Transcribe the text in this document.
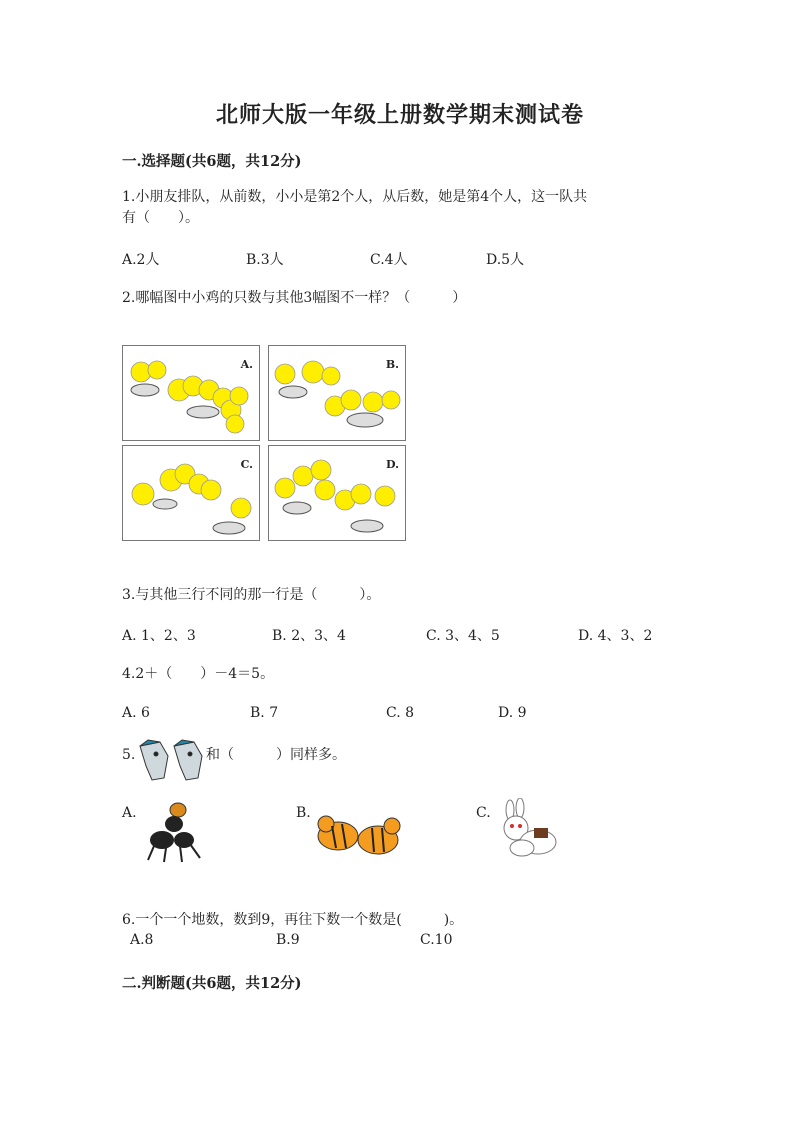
北师大版一年级上册数学期末测试卷
一.选择题(共6题，共12分)
1.小朋友排队，从前数，小小是第2个人，从后数，她是第4个人，这一队共
有（　　）。
A.2人	B.3人	C.4人	D.5人
2.哪幅图中小鸡的只数与其他3幅图不一样？（　　　）
A.	B.
C.	D.
3.与其他三行不同的那一行是（　　　）。
A. 1、2、3	B. 2、3、4	C. 3、4、5	D. 4、3、2
4.2＋（　　）－4＝5。
A. 6	B. 7	C. 8	D. 9
5.	和（　　　）同样多。
A.	B.	C.
6.一个一个地数，数到9，再往下数一个数是(　　　)。
A.8	B.9	C.10
二.判断题(共6题，共12分)
